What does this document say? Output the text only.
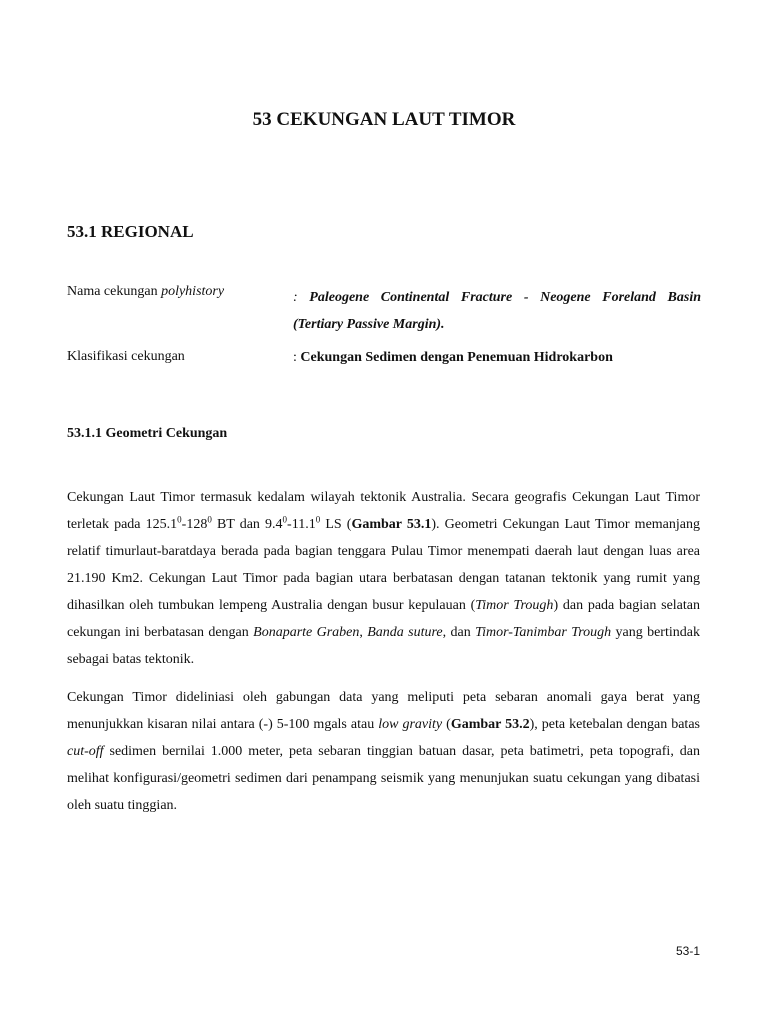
53 CEKUNGAN LAUT TIMOR
53.1 REGIONAL
Nama cekungan polyhistory	: Paleogene Continental Fracture - Neogene Foreland Basin
(Tertiary Passive Margin).
Klasifikasi cekungan	: Cekungan Sedimen dengan Penemuan Hidrokarbon
53.1.1 Geometri Cekungan

Cekungan Laut Timor termasuk kedalam wilayah tektonik Australia. Secara geografis Cekungan Laut Timor terletak pada $125.1^0-128^0$ BT dan $9.4^0-11.1^0$ LS (Gambar 53.1). Geometri Cekungan Laut Timor memanjang relatif timurlaut-baratdaya berada pada bagian tenggara Pulau Timor menempati daerah laut dengan luas area 21.190 Km2. Cekungan Laut Timor pada bagian utara berbatasan dengan tatanan tektonik yang rumit yang dihasilkan oleh tumbukan lempeng Australia dengan busur kepulauan (Timor Trough) dan pada bagian selatan cekungan ini berbatasan dengan Bonaparte Graben, Banda suture, dan Timor-Tanimbar Trough yang bertindak sebagai batas tektonik.

Cekungan Timor dideliniasi oleh gabungan data yang meliputi peta sebaran anomali gaya berat yang menunjukkan kisaran nilai antara (-) 5-100 mgals atau low gravity (Gambar 53.2), peta ketebalan dengan batas cut-off sedimen bernilai 1.000 meter, peta sebaran tinggian batuan dasar, peta batimetri, peta topografi, dan melihat konfigurasi/geometri sedimen dari penampang seismik yang menunjukan suatu cekungan yang dibatasi oleh suatu tinggian.

53-1
